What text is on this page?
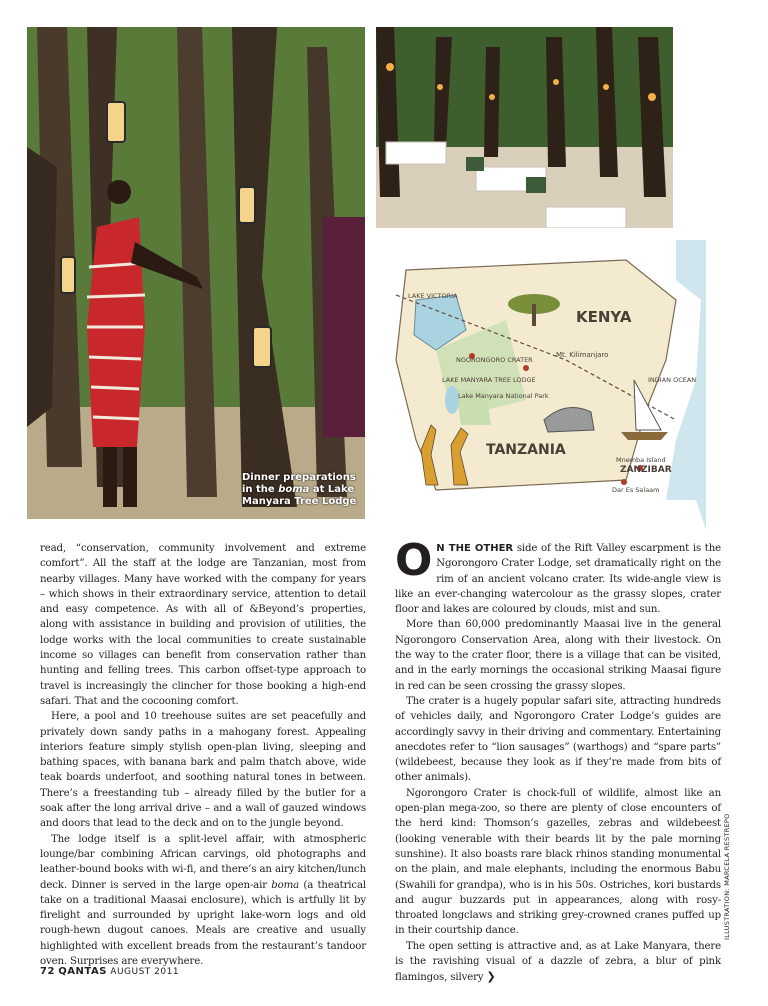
Dinner preparations in the boma at Lake Manyara Tree Lodge
LAKE VICTORIA
KENYA
NGORONGORO CRATER
Mt. Kilimanjaro
LAKE MANYARA TREE LODGE
Lake Manyara National Park
INDIAN OCEAN
TANZANIA
Mnemba Island
ZANZIBAR
Dar Es Salaam

read, “conservation, community involvement and extreme comfort”. All the staff at the lodge are Tanzanian, most from nearby villages. Many have worked with the company for years – which shows in their extraordinary service, attention to detail and easy competence. As with all of &Beyond’s properties, along with assistance in building and provision of utilities, the lodge works with the local communities to create sustainable income so villages can benefit from conservation rather than hunting and felling trees. This carbon offset-type approach to travel is increasingly the clincher for those booking a high-end safari. That and the cocooning comfort.

Here, a pool and 10 treehouse suites are set peacefully and privately down sandy paths in a mahogany forest. Appealing interiors feature simply stylish open-plan living, sleeping and bathing spaces, with banana bark and palm thatch above, wide teak boards underfoot, and soothing natural tones in between. There’s a freestanding tub – already filled by the butler for a soak after the long arrival drive – and a wall of gauzed windows and doors that lead to the deck and on to the jungle beyond.

The lodge itself is a split-level affair, with atmospheric lounge/bar combining African carvings, old photographs and leather-bound books with wi-fi, and there’s an airy kitchen/lunch deck. Dinner is served in the large open-air boma (a theatrical take on a traditional Maasai enclosure), which is artfully lit by firelight and surrounded by upright lake-worn logs and old rough-hewn dugout canoes. Meals are creative and usually highlighted with excellent breads from the restaurant’s tandoor oven. Surprises are everywhere.

O N THE OTHER side of the Rift Valley escarpment is the Ngorongoro Crater Lodge, set dramatically right on the rim of an ancient volcano crater. Its wide-angle view is like an ever-changing watercolour as the grassy slopes, crater floor and lakes are coloured by clouds, mist and sun.

More than 60,000 predominantly Maasai live in the general Ngorongoro Conservation Area, along with their livestock. On the way to the crater floor, there is a village that can be visited, and in the early mornings the occasional striking Maasai figure in red can be seen crossing the grassy slopes.

The crater is a hugely popular safari site, attracting hundreds of vehicles daily, and Ngorongoro Crater Lodge’s guides are accordingly savvy in their driving and commentary. Entertaining anecdotes refer to “lion sausages” (warthogs) and “spare parts” (wildebeest, because they look as if they’re made from bits of other animals).

Ngorongoro Crater is chock-full of wildlife, almost like an open-plan mega-zoo, so there are plenty of close encounters of the herd kind: Thomson’s gazelles, zebras and wildebeest (looking venerable with their beards lit by the pale morning sunshine). It also boasts rare black rhinos standing monumental on the plain, and male elephants, including the enormous Babu (Swahili for grandpa), who is in his 50s. Ostriches, kori bustards and augur buzzards put in appearances, along with rosy-throated longclaws and striking grey-crowned cranes puffed up in their courtship dance.

The open setting is attractive and, as at Lake Manyara, there is the ravishing visual of a dazzle of zebra, a blur of pink flamingos, silvery ❯

72 QANTAS AUGUST 2011
ILLUSTRATION: MARCELA RESTREPO
